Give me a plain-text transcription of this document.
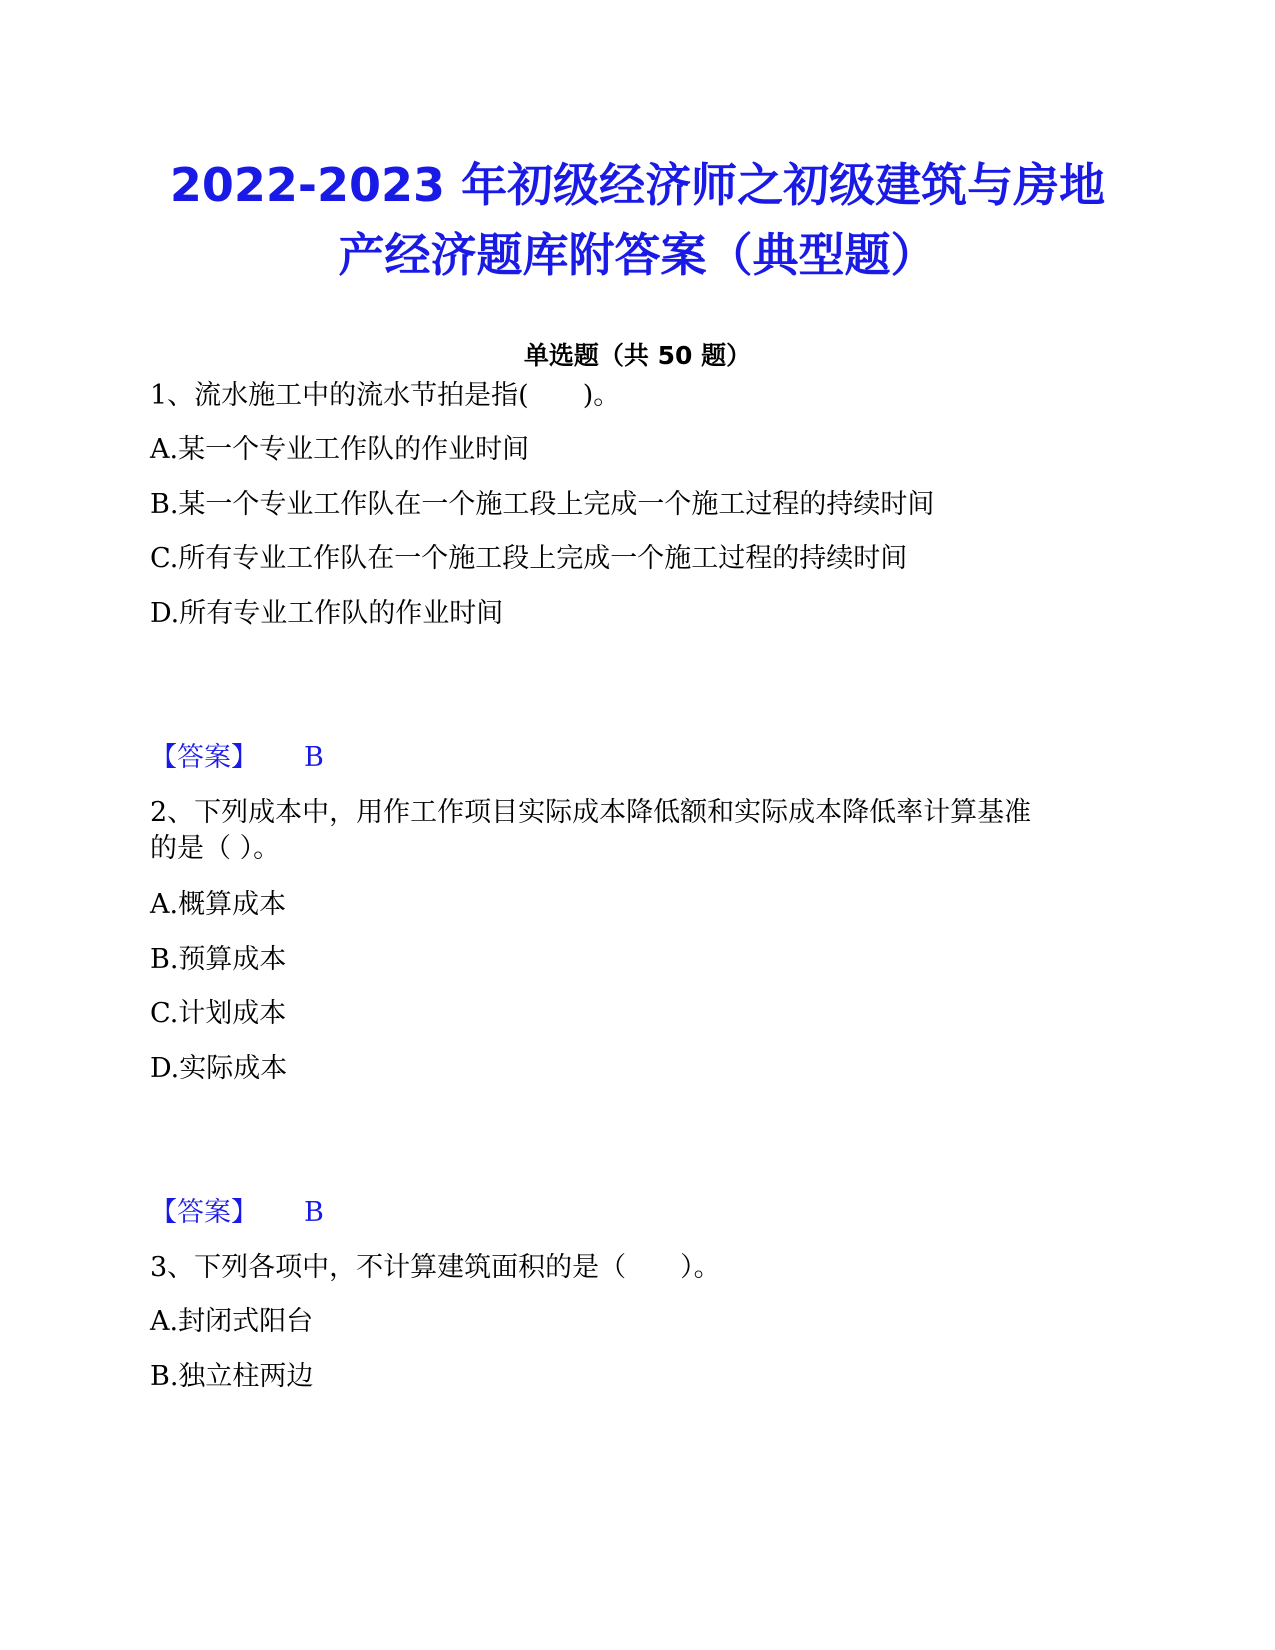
2022-2023 年初级经济师之初级建筑与房地
产经济题库附答案（典型题）
单选题（共 50 题）
1、流水施工中的流水节拍是指(　　)。
A.某一个专业工作队的作业时间
B.某一个专业工作队在一个施工段上完成一个施工过程的持续时间
C.所有专业工作队在一个施工段上完成一个施工过程的持续时间
D.所有专业工作队的作业时间
【答案】 B
2、下列成本中，用作工作项目实际成本降低额和实际成本降低率计算基准
的是（ ）。
A.概算成本
B.预算成本
C.计划成本
D.实际成本
【答案】 B
3、下列各项中，不计算建筑面积的是（　　）。
A.封闭式阳台
B.独立柱两边
